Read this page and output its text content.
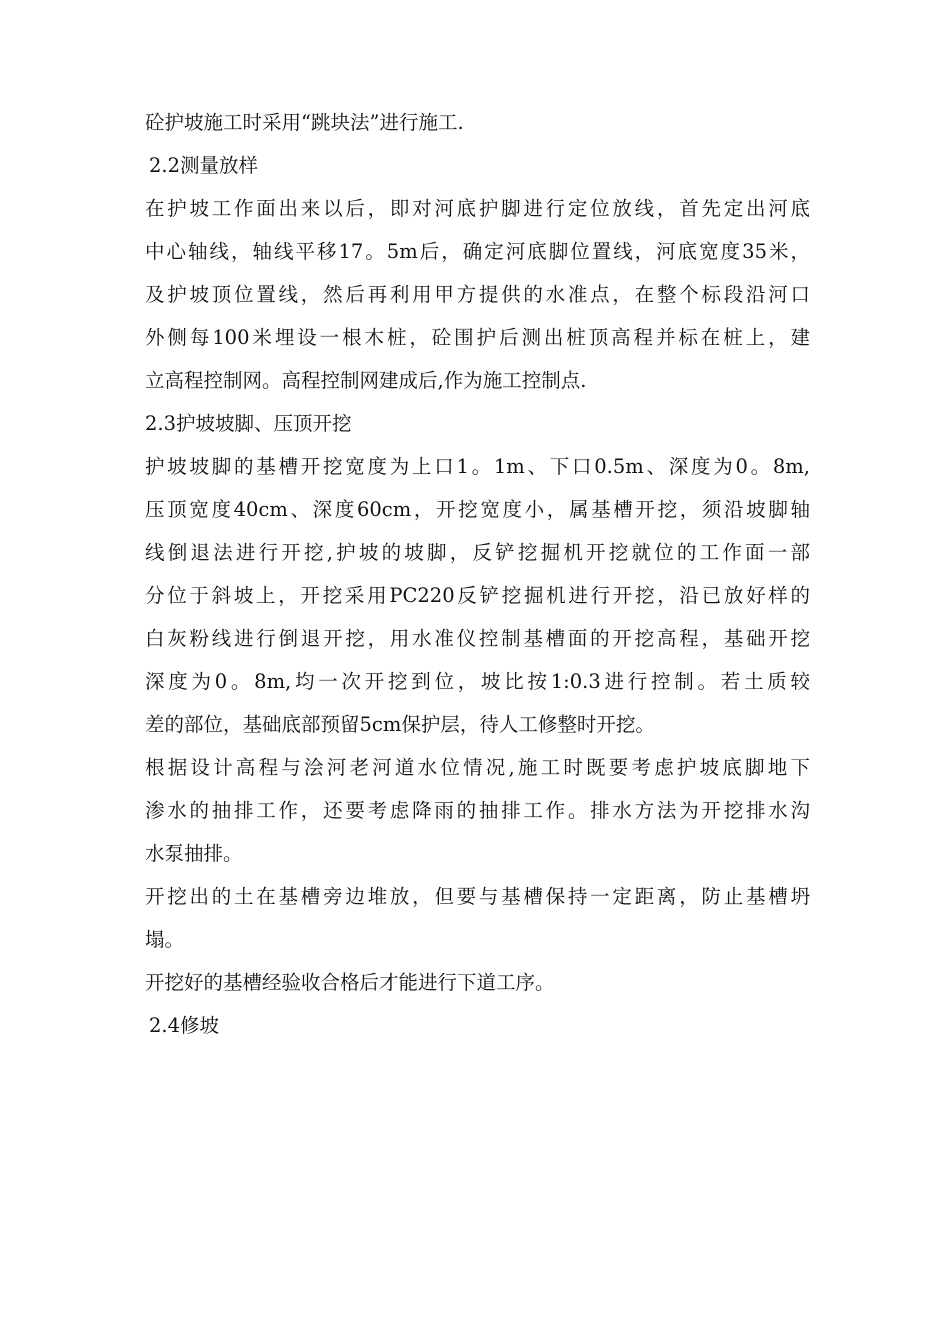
砼护坡施工时采用“跳块法”进行施工.
2.2测量放样
在护坡工作面出来以后，即对河底护脚进行定位放线，首先定出河底
中心轴线，轴线平移17。5m后，确定河底脚位置线，河底宽度35米，
及护坡顶位置线，然后再利用甲方提供的水准点，在整个标段沿河口
外侧每100米埋设一根木桩，砼围护后测出桩顶高程并标在桩上，建
立高程控制网。高程控制网建成后,作为施工控制点.
2.3护坡坡脚、压顶开挖
护坡坡脚的基槽开挖宽度为上口1。1m、下口0.5m、深度为0。8m,
压顶宽度40cm、深度60cm，开挖宽度小，属基槽开挖，须沿坡脚轴
线倒退法进行开挖,护坡的坡脚，反铲挖掘机开挖就位的工作面一部
分位于斜坡上，开挖采用PC220反铲挖掘机进行开挖，沿已放好样的
白灰粉线进行倒退开挖，用水准仪控制基槽面的开挖高程，基础开挖
深度为0。8m,均一次开挖到位，坡比按1:0.3进行控制。若土质较
差的部位，基础底部预留5cm保护层，待人工修整时开挖。
根据设计高程与浍河老河道水位情况,施工时既要考虑护坡底脚地下
渗水的抽排工作，还要考虑降雨的抽排工作。排水方法为开挖排水沟
水泵抽排。
开挖出的土在基槽旁边堆放，但要与基槽保持一定距离，防止基槽坍
塌。
开挖好的基槽经验收合格后才能进行下道工序。
2.4修坡
